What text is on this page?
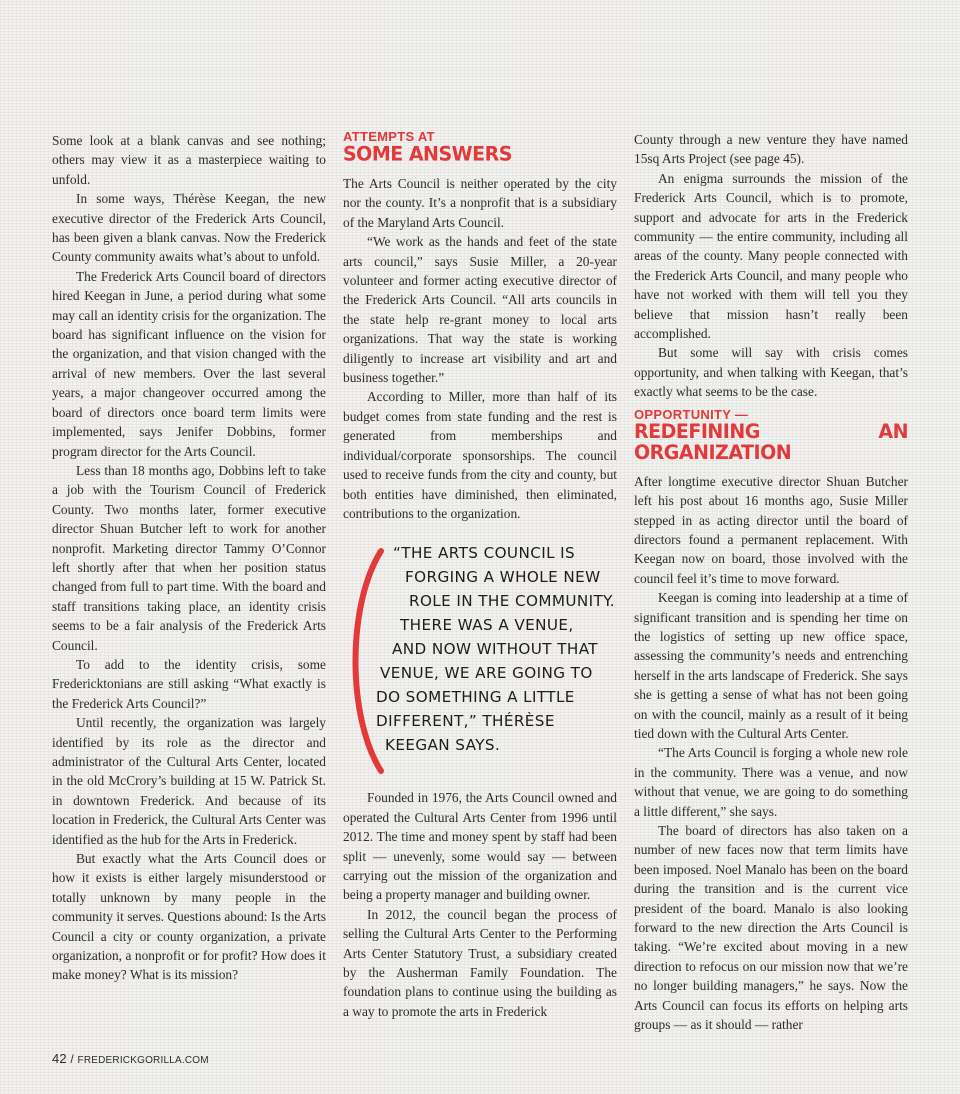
Some look at a blank canvas and see nothing; others may view it as a masterpiece waiting to unfold.

In some ways, Thérèse Keegan, the new executive director of the Frederick Arts Council, has been given a blank canvas. Now the Frederick County community awaits what’s about to unfold.

The Frederick Arts Council board of directors hired Keegan in June, a period during what some may call an identity crisis for the organization. The board has significant influence on the vision for the organization, and that vision changed with the arrival of new members. Over the last several years, a major changeover occurred among the board of directors once board term limits were implemented, says Jenifer Dobbins, former program director for the Arts Council.

Less than 18 months ago, Dobbins left to take a job with the Tourism Council of Frederick County. Two months later, former executive director Shuan Butcher left to work for another nonprofit. Marketing director Tammy O’Connor left shortly after that when her position status changed from full to part time. With the board and staff transitions taking place, an identity crisis seems to be a fair analysis of the Frederick Arts Council.

To add to the identity crisis, some Fredericktonians are still asking “What exactly is the Frederick Arts Council?”

Until recently, the organization was largely identified by its role as the director and administrator of the Cultural Arts Center, located in the old McCrory’s building at 15 W. Patrick St. in downtown Frederick. And because of its location in Frederick, the Cultural Arts Center was identified as the hub for the Arts in Frederick.

But exactly what the Arts Council does or how it exists is either largely misunderstood or totally unknown by many people in the community it serves. Questions abound: Is the Arts Council a city or county organization, a private organization, a nonprofit or for profit? How does it make money? What is its mission?

ATTEMPTS AT
SOME ANSWERS

The Arts Council is neither operated by the city nor the county. It’s a nonprofit that is a subsidiary of the Maryland Arts Council.

“We work as the hands and feet of the state arts council,” says Susie Miller, a 20-year volunteer and former acting executive director of the Frederick Arts Council. “All arts councils in the state help re-grant money to local arts organizations. That way the state is working diligently to increase art visibility and art and business together.”

According to Miller, more than half of its budget comes from state funding and the rest is generated from memberships and individual/corporate sponsorships. The council used to receive funds from the city and county, but both entities have diminished, then eliminated, contributions to the organization.

“THE ARTS COUNCIL IS
FORGING A WHOLE NEW
ROLE IN THE COMMUNITY.
THERE WAS A VENUE,
AND NOW WITHOUT THAT
VENUE, WE ARE GOING TO
DO SOMETHING A LITTLE
DIFFERENT,” THÉRÈSE
KEEGAN SAYS.

Founded in 1976, the Arts Council owned and operated the Cultural Arts Center from 1996 until 2012. The time and money spent by staff had been split — unevenly, some would say — between carrying out the mission of the organization and being a property manager and building owner.

In 2012, the council began the process of selling the Cultural Arts Center to the Performing Arts Center Statutory Trust, a subsidiary created by the Ausherman Family Foundation. The foundation plans to continue using the building as a way to promote the arts in Frederick

County through a new venture they have named 15sq Arts Project (see page 45).

An enigma surrounds the mission of the Frederick Arts Council, which is to promote, support and advocate for arts in the Frederick community — the entire community, including all areas of the county. Many people connected with the Frederick Arts Council, and many people who have not worked with them will tell you they believe that mission hasn’t really been accomplished.

But some will say with crisis comes opportunity, and when talking with Keegan, that’s exactly what seems to be the case.

OPPORTUNITY —
REDEFINING AN ORGANIZATION

After longtime executive director Shuan Butcher left his post about 16 months ago, Susie Miller stepped in as acting director until the board of directors found a permanent replacement. With Keegan now on board, those involved with the council feel it’s time to move forward.

Keegan is coming into leadership at a time of significant transition and is spending her time on the logistics of setting up new office space, assessing the community’s needs and entrenching herself in the arts landscape of Frederick. She says she is getting a sense of what has not been going on with the council, mainly as a result of it being tied down with the Cultural Arts Center.

“The Arts Council is forging a whole new role in the community. There was a venue, and now without that venue, we are going to do something a little different,” she says.

The board of directors has also taken on a number of new faces now that term limits have been imposed. Noel Manalo has been on the board during the transition and is the current vice president of the board. Manalo is also looking forward to the new direction the Arts Council is taking. “We’re excited about moving in a new direction to refocus on our mission now that we’re no longer building managers,” he says. Now the Arts Council can focus its efforts on helping arts groups — as it should — rather

42 / FREDERICKGORILLA.COM
